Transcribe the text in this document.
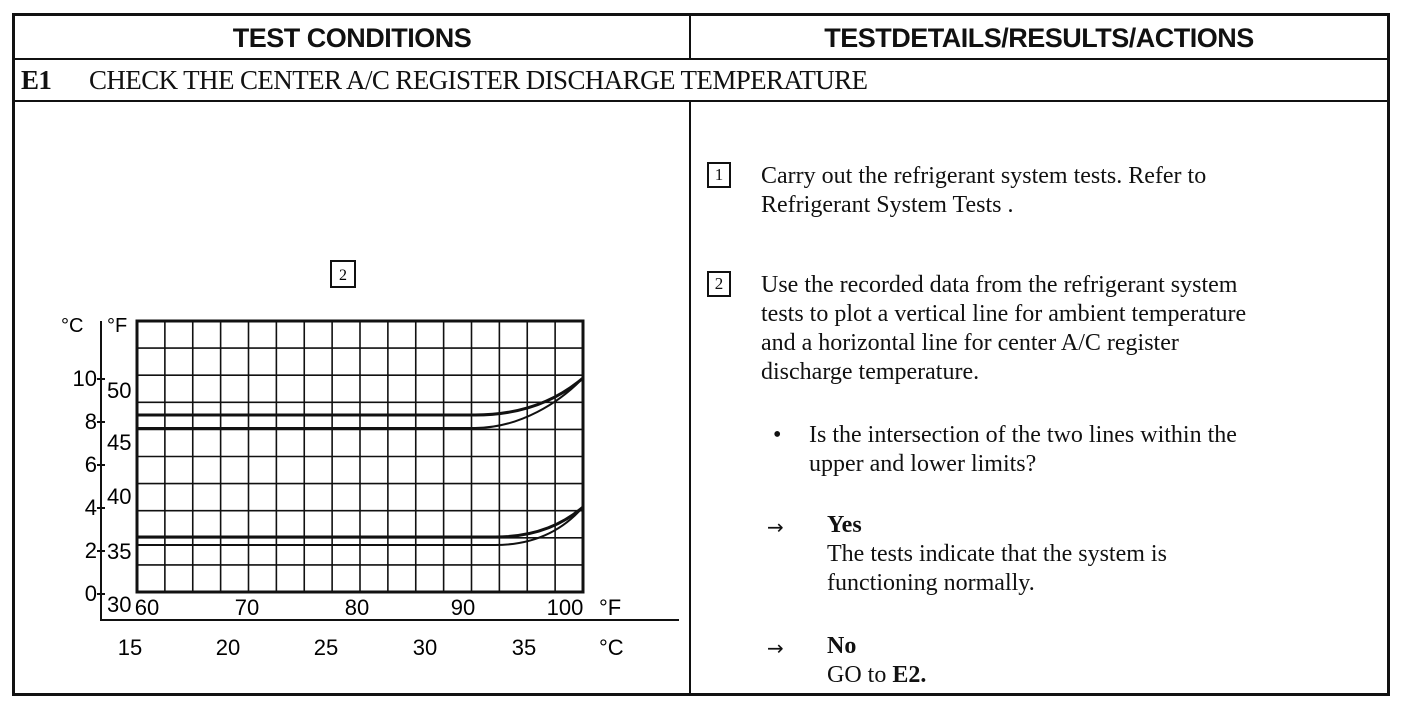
TEST CONDITIONS	TESTDETAILS/RESULTS/ACTIONS
E1 CHECK THE CENTER A/C REGISTER DISCHARGE TEMPERATURE
2
°C °F
10
8
6
4
2
0
50
45
40
35
30 60	70	80	90	100
15	20	25	30	35
°F
°C
1	Carry out the refrigerant system tests. Refer to
Refrigerant System Tests .
2	Use the recorded data from the refrigerant system
tests to plot a vertical line for ambient temperature
and a horizontal line for center A/C register
discharge temperature.
• Is the intersection of the two lines within the
upper and lower limits?
→ Yes
The tests indicate that the system is
functioning normally.
→ No
GO to E2.
